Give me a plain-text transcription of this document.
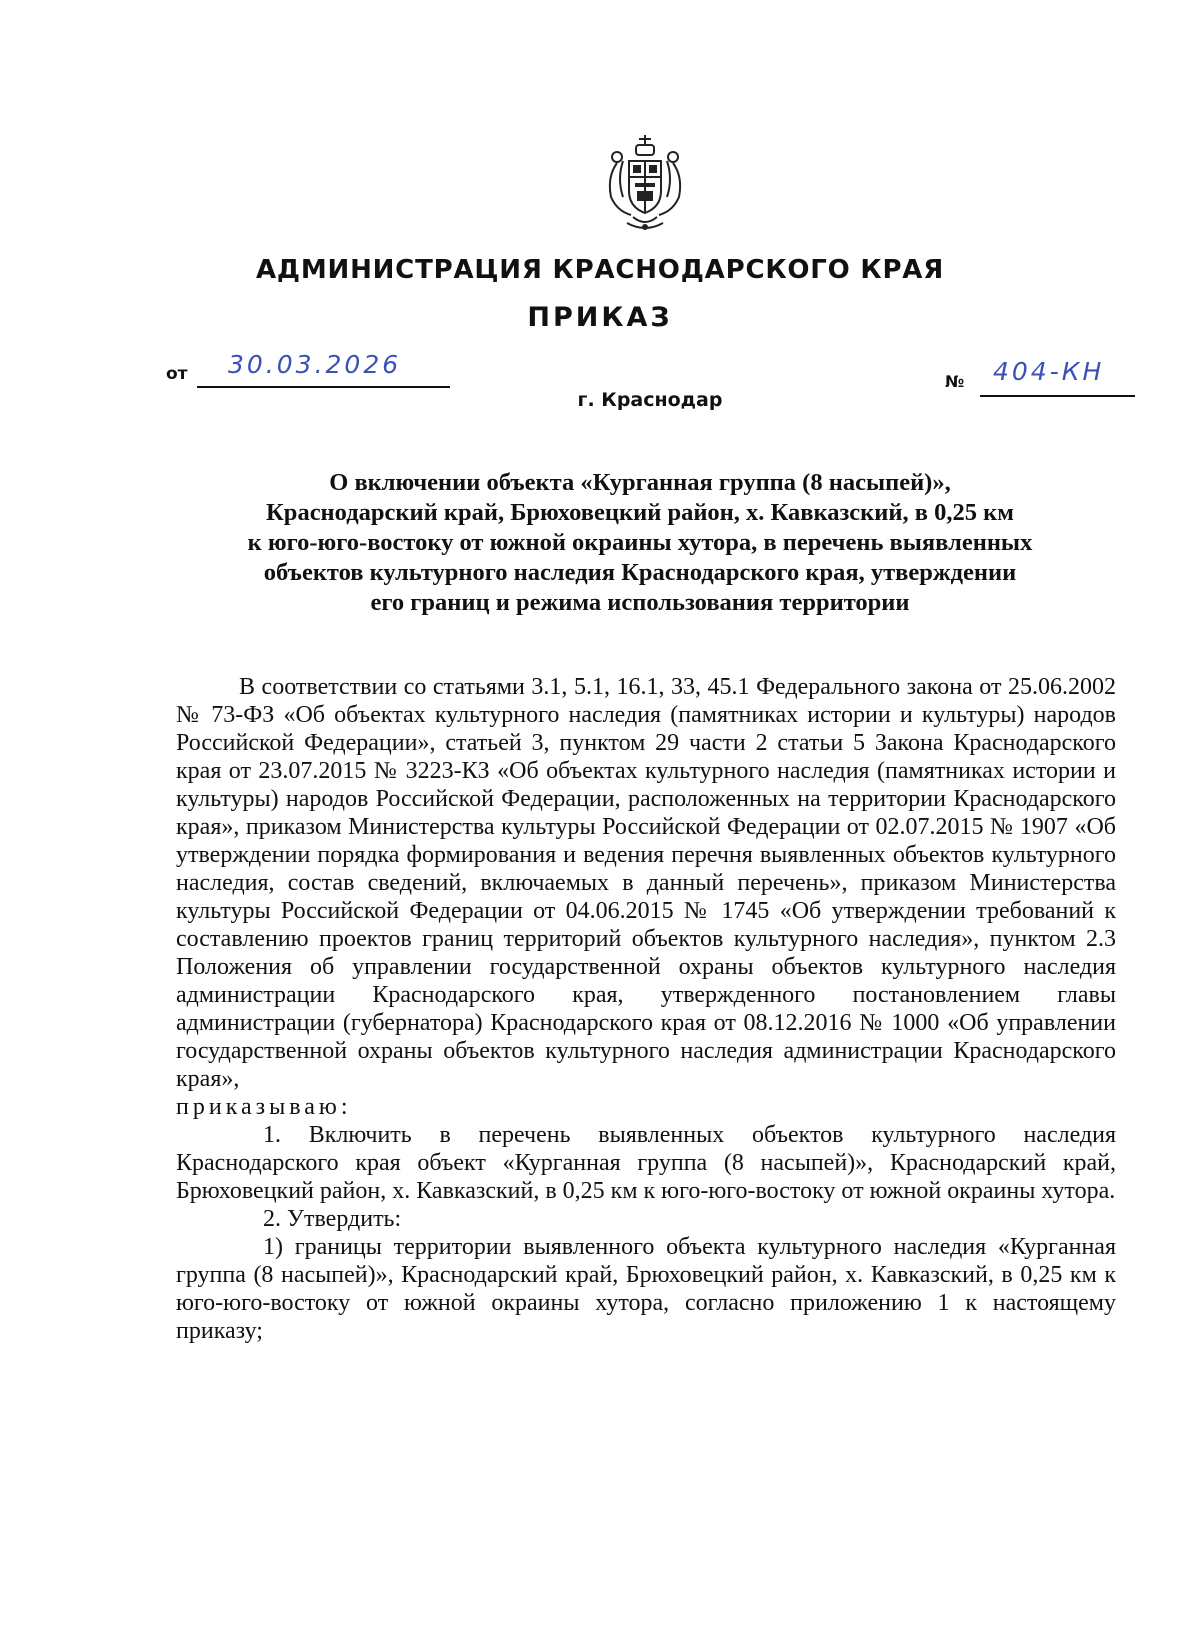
АДМИНИСТРАЦИЯ КРАСНОДАРСКОГО КРАЯ
ПРИКАЗ
от 30.03.2026
г. Краснодар
№ 404-КН
О включении объекта «Курганная группа (8 насыпей)»,
Краснодарский край, Брюховецкий район, х. Кавказский, в 0,25 км
к юго-юго-востоку от южной окраины хутора, в перечень выявленных
объектов культурного наследия Краснодарского края, утверждении
его границ и режима использования территории

В соответствии со статьями 3.1, 5.1, 16.1, 33, 45.1 Федерального закона от 25.06.2002 № 73-ФЗ «Об объектах культурного наследия (памятниках истории и культуры) народов Российской Федерации», статьей 3, пунктом 29 части 2 статьи 5 Закона Краснодарского края от 23.07.2015 № 3223-КЗ «Об объектах культурного наследия (памятниках истории и культуры) народов Российской Федерации, расположенных на территории Краснодарского края», приказом Министерства культуры Российской Федерации от 02.07.2015 № 1907 «Об утверждении порядка формирования и ведения перечня выявленных объектов культурного наследия, состав сведений, включаемых в данный перечень», приказом Министерства культуры Российской Федерации от 04.06.2015 № 1745 «Об утверждении требований к составлению проектов границ территорий объектов культурного наследия», пунктом 2.3 Положения об управлении государственной охраны объектов культурного наследия администрации Краснодарского края, утвержденного постановлением главы администрации (губернатора) Краснодарского края от 08.12.2016 № 1000 «Об управлении государственной охраны объектов культурного наследия администрации Краснодарского края»,

приказываю:

1. Включить в перечень выявленных объектов культурного наследия Краснодарского края объект «Курганная группа (8 насыпей)», Краснодарский край, Брюховецкий район, х. Кавказский, в 0,25 км к юго-юго-востоку от южной окраины хутора.

2. Утвердить:

1) границы территории выявленного объекта культурного наследия «Курганная группа (8 насыпей)», Краснодарский край, Брюховецкий район, х. Кавказский, в 0,25 км к юго-юго-востоку от южной окраины хутора, согласно приложению 1 к настоящему приказу;
